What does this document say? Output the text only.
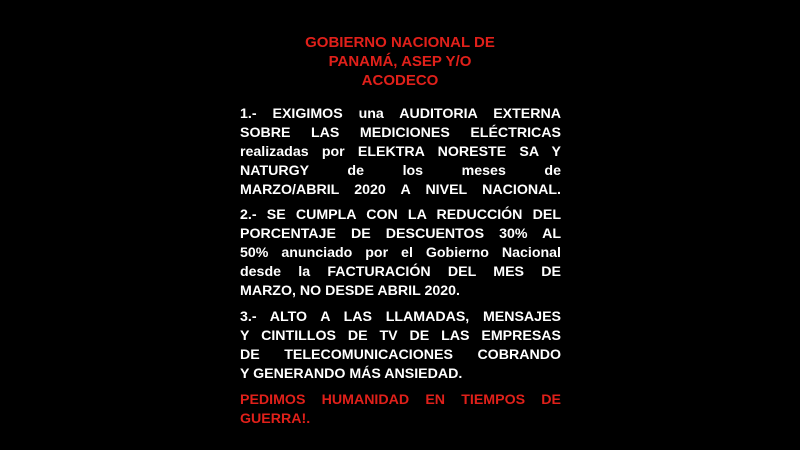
GOBIERNO NACIONAL DE
PANAMÁ, ASEP Y/O
ACODECO
1.- EXIGIMOS una AUDITORIA EXTERNA
SOBRE LAS MEDICIONES ELÉCTRICAS
realizadas por ELEKTRA NORESTE SA Y
NATURGY de los meses de
MARZO/ABRIL 2020 A NIVEL NACIONAL.
2.- SE CUMPLA CON LA REDUCCIÓN DEL
PORCENTAJE DE DESCUENTOS 30% AL
50% anunciado por el Gobierno Nacional
desde la FACTURACIÓN DEL MES DE
MARZO, NO DESDE ABRIL 2020.
3.- ALTO A LAS LLAMADAS, MENSAJES
Y CINTILLOS DE TV DE LAS EMPRESAS
DE TELECOMUNICACIONES COBRANDO
Y GENERANDO MÁS ANSIEDAD.
PEDIMOS HUMANIDAD EN TIEMPOS DE
GUERRA!.
